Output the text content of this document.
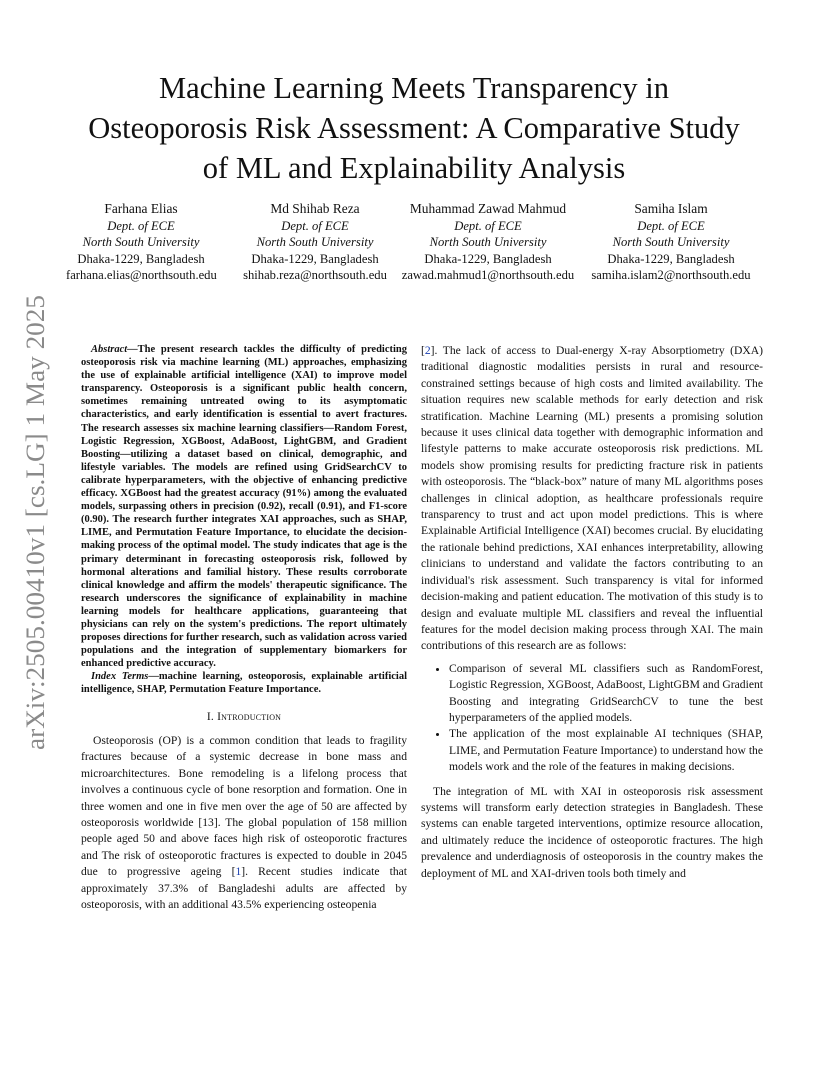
arXiv:2505.00410v1 [cs.LG] 1 May 2025
Machine Learning Meets Transparency in Osteoporosis Risk Assessment: A Comparative Study of ML and Explainability Analysis
Farhana Elias
Dept. of ECE
North South University
Dhaka-1229, Bangladesh
farhana.elias@northsouth.edu
Md Shihab Reza
Dept. of ECE
North South University
Dhaka-1229, Bangladesh
shihab.reza@northsouth.edu
Muhammad Zawad Mahmud
Dept. of ECE
North South University
Dhaka-1229, Bangladesh
zawad.mahmud1@northsouth.edu
Samiha Islam
Dept. of ECE
North South University
Dhaka-1229, Bangladesh
samiha.islam2@northsouth.edu

Abstract—The present research tackles the difficulty of predicting osteoporosis risk via machine learning (ML) approaches, emphasizing the use of explainable artificial intelligence (XAI) to improve model transparency. Osteoporosis is a significant public health concern, sometimes remaining untreated owing to its asymptomatic characteristics, and early identification is essential to avert fractures. The research assesses six machine learning classifiers—Random Forest, Logistic Regression, XGBoost, AdaBoost, LightGBM, and Gradient Boosting—utilizing a dataset based on clinical, demographic, and lifestyle variables. The models are refined using GridSearchCV to calibrate hyperparameters, with the objective of enhancing predictive efficacy. XGBoost had the greatest accuracy (91%) among the evaluated models, surpassing others in precision (0.92), recall (0.91), and F1-score (0.90). The research further integrates XAI approaches, such as SHAP, LIME, and Permutation Feature Importance, to elucidate the decision-making process of the optimal model. The study indicates that age is the primary determinant in forecasting osteoporosis risk, followed by hormonal alterations and familial history. These results corroborate clinical knowledge and affirm the models' therapeutic significance. The research underscores the significance of explainability in machine learning models for healthcare applications, guaranteeing that physicians can rely on the system's predictions. The report ultimately proposes directions for further research, such as validation across varied populations and the integration of supplementary biomarkers for enhanced predictive accuracy.

Index Terms—machine learning, osteoporosis, explainable artificial intelligence, SHAP, Permutation Feature Importance.

I. Introduction

Osteoporosis (OP) is a common condition that leads to fragility fractures because of a systemic decrease in bone mass and microarchitectures. Bone remodeling is a lifelong process that involves a continuous cycle of bone resorption and formation. One in three women and one in five men over the age of 50 are affected by osteoporosis worldwide [13]. The global population of 158 million people aged 50 and above faces high risk of osteoporotic fractures and The risk of osteoporotic fractures is expected to double in 2045 due to progressive ageing [1]. Recent studies indicate that approximately 37.3% of Bangladeshi adults are affected by osteoporosis, with an additional 43.5% experiencing osteopenia

[2]. The lack of access to Dual-energy X-ray Absorptiometry (DXA) traditional diagnostic modalities persists in rural and resource-constrained settings because of high costs and limited availability. The situation requires new scalable methods for early detection and risk stratification. Machine Learning (ML) presents a promising solution because it uses clinical data together with demographic information and lifestyle patterns to make accurate osteoporosis risk predictions. ML models show promising results for predicting fracture risk in patients with osteoporosis. The “black-box” nature of many ML algorithms poses challenges in clinical adoption, as healthcare professionals require transparency to trust and act upon model predictions. This is where Explainable Artificial Intelligence (XAI) becomes crucial. By elucidating the rationale behind predictions, XAI enhances interpretability, allowing clinicians to understand and validate the factors contributing to an individual's risk assessment. Such transparency is vital for informed decision-making and patient education. The motivation of this study is to design and evaluate multiple ML classifiers and reveal the influential features for the model decision making process through XAI. The main contributions of this research are as follows:

• Comparison of several ML classifiers such as RandomForest, Logistic Regression, XGBoost, AdaBoost, LightGBM and Gradient Boosting and integrating GridSearchCV to tune the best hyperparameters of the applied models.
• The application of the most explainable AI techniques (SHAP, LIME, and Permutation Feature Importance) to understand how the models work and the role of the features in making decisions.

The integration of ML with XAI in osteoporosis risk assessment systems will transform early detection strategies in Bangladesh. These systems can enable targeted interventions, optimize resource allocation, and ultimately reduce the incidence of osteoporotic fractures. The high prevalence and underdiagnosis of osteoporosis in the country makes the deployment of ML and XAI-driven tools both timely and
